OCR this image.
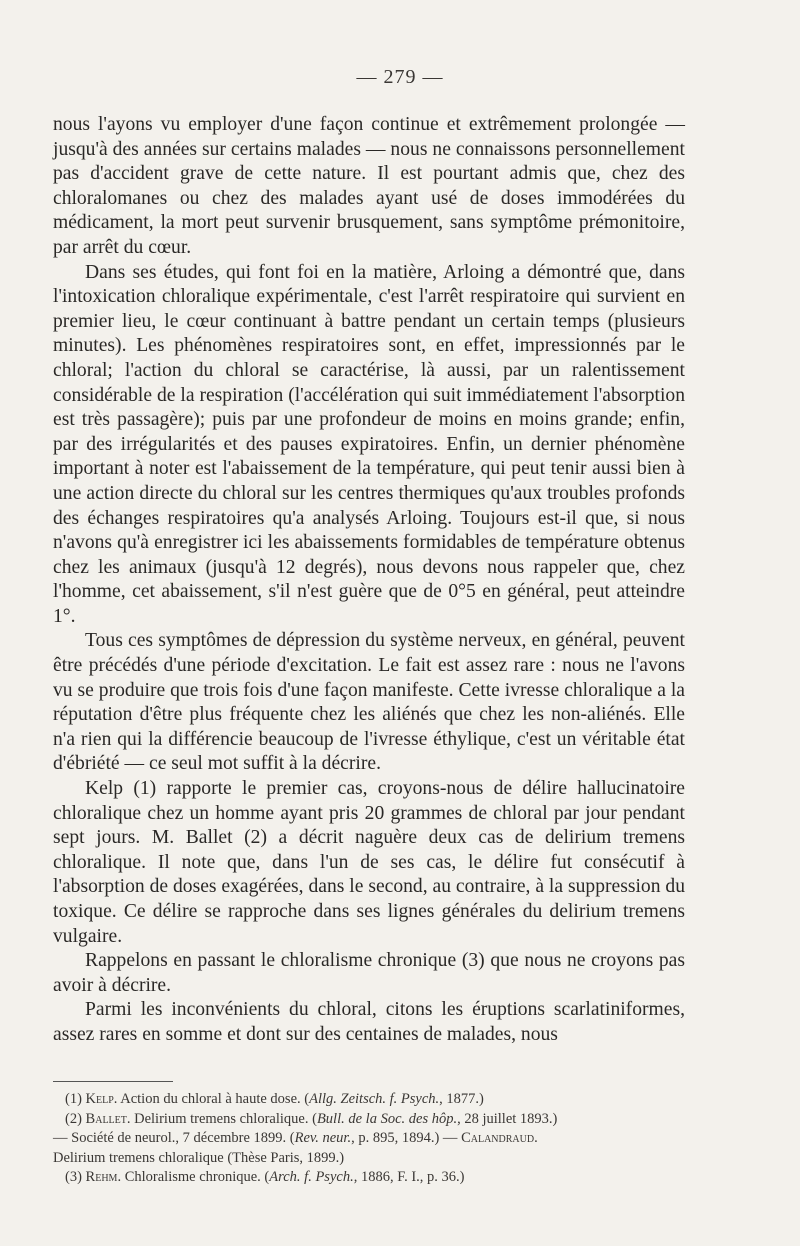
— 279 —

nous l'ayons vu employer d'une façon continue et extrêmement prolongée — jusqu'à des années sur certains malades — nous ne connaissons personnellement pas d'accident grave de cette nature. Il est pourtant admis que, chez des chloralomanes ou chez des malades ayant usé de doses immodérées du médicament, la mort peut survenir brusquement, sans symptôme prémonitoire, par arrêt du cœur.

Dans ses études, qui font foi en la matière, Arloing a démontré que, dans l'intoxication chloralique expérimentale, c'est l'arrêt respiratoire qui survient en premier lieu, le cœur continuant à battre pendant un certain temps (plusieurs minutes). Les phénomènes respiratoires sont, en effet, impressionnés par le chloral; l'action du chloral se caractérise, là aussi, par un ralentissement considérable de la respiration (l'accélération qui suit immédiatement l'absorption est très passagère); puis par une profondeur de moins en moins grande; enfin, par des irrégularités et des pauses expiratoires. Enfin, un dernier phénomène important à noter est l'abaissement de la température, qui peut tenir aussi bien à une action directe du chloral sur les centres thermiques qu'aux troubles profonds des échanges respiratoires qu'a analysés Arloing. Toujours est-il que, si nous n'avons qu'à enregistrer ici les abaissements formidables de température obtenus chez les animaux (jusqu'à 12 degrés), nous devons nous rappeler que, chez l'homme, cet abaissement, s'il n'est guère que de 0°5 en général, peut atteindre 1°.

Tous ces symptômes de dépression du système nerveux, en général, peuvent être précédés d'une période d'excitation. Le fait est assez rare : nous ne l'avons vu se produire que trois fois d'une façon manifeste. Cette ivresse chloralique a la réputation d'être plus fréquente chez les aliénés que chez les non-aliénés. Elle n'a rien qui la différencie beaucoup de l'ivresse éthylique, c'est un véritable état d'ébriété — ce seul mot suffit à la décrire.

Kelp (1) rapporte le premier cas, croyons-nous de délire hallucinatoire chloralique chez un homme ayant pris 20 grammes de chloral par jour pendant sept jours. M. Ballet (2) a décrit naguère deux cas de delirium tremens chloralique. Il note que, dans l'un de ses cas, le délire fut consécutif à l'absorption de doses exagérées, dans le second, au contraire, à la suppression du toxique. Ce délire se rapproche dans ses lignes générales du delirium tremens vulgaire.

Rappelons en passant le chloralisme chronique (3) que nous ne croyons pas avoir à décrire.

Parmi les inconvénients du chloral, citons les éruptions scarlatiniformes, assez rares en somme et dont sur des centaines de malades, nous

(1) Kelp. Action du chloral à haute dose. (Allg. Zeitsch. f. Psych., 1877.)

(2) Ballet. Delirium tremens chloralique. (Bull. de la Soc. des hôp., 28 juillet 1893.)

— Société de neurol., 7 décembre 1899. (Rev. neur., p. 895, 1894.) — Calandraud.

Delirium tremens chloralique (Thèse Paris, 1899.)

(3) Rehm. Chloralisme chronique. (Arch. f. Psych., 1886, F. I., p. 36.)
